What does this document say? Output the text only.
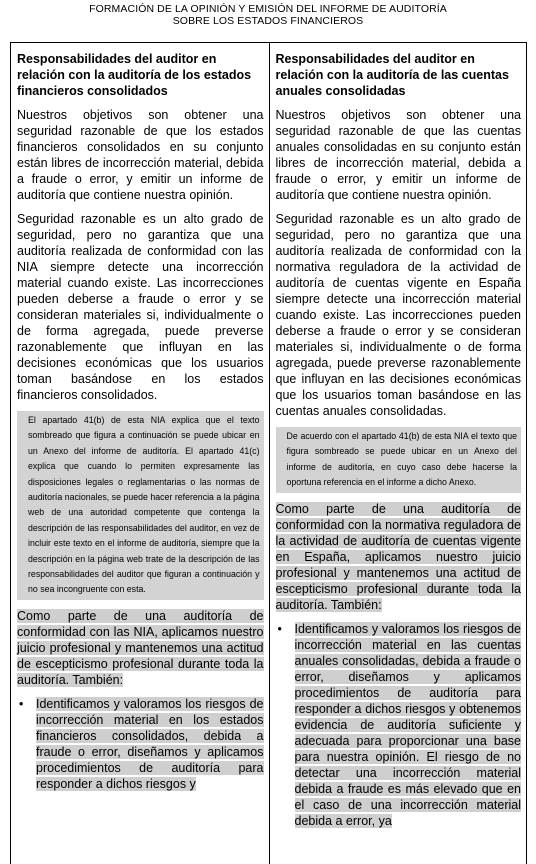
FORMACIÓN DE LA OPINIÓN Y EMISIÓN DEL INFORME DE AUDITORÍA
SOBRE LOS ESTADOS FINANCIEROS

Responsabilidades del auditor en relación con la auditoría de los estados financieros consolidados

Nuestros objetivos son obtener una seguridad razonable de que los estados financieros consolidados en su conjunto están libres de incorrección material, debida a fraude o error, y emitir un informe de auditoría que contiene nuestra opinión.

Seguridad razonable es un alto grado de seguridad, pero no garantiza que una auditoría realizada de conformidad con las NIA siempre detecte una incorrección material cuando existe. Las incorrecciones pueden deberse a fraude o error y se consideran materiales si, individualmente o de forma agregada, puede preverse razonablemente que influyan en las decisiones económicas que los usuarios toman basándose en los estados financieros consolidados.

El apartado 41(b) de esta NIA explica que el texto sombreado que figura a continuación se puede ubicar en un Anexo del informe de auditoría. El apartado 41(c) explica que cuando lo permiten expresamente las disposiciones legales o reglamentarias o las normas de auditoría nacionales, se puede hacer referencia a la página web de una autoridad competente que contenga la descripción de las responsabilidades del auditor, en vez de incluir este texto en el informe de auditoría, siempre que la descripción en la página web trate de la descripción de las responsabilidades del auditor que figuran a continuación y no sea incongruente con esta.

Como parte de una auditoría de conformidad con las NIA, aplicamos nuestro juicio profesional y mantenemos una actitud de escepticismo profesional durante toda la auditoría. También:

• Identificamos y valoramos los riesgos de incorrección material en los estados financieros consolidados, debida a fraude o error, diseñamos y aplicamos procedimientos de auditoría para responder a dichos riesgos y

Responsabilidades del auditor en relación con la auditoría de las cuentas anuales consolidadas

Nuestros objetivos son obtener una seguridad razonable de que las cuentas anuales consolidadas en su conjunto están libres de incorrección material, debida a fraude o error, y emitir un informe de auditoría que contiene nuestra opinión.

Seguridad razonable es un alto grado de seguridad, pero no garantiza que una auditoría realizada de conformidad con la normativa reguladora de la actividad de auditoría de cuentas vigente en España siempre detecte una incorrección material cuando existe. Las incorrecciones pueden deberse a fraude o error y se consideran materiales si, individualmente o de forma agregada, puede preverse razonablemente que influyan en las decisiones económicas que los usuarios toman basándose en las cuentas anuales consolidadas.

De acuerdo con el apartado 41(b) de esta NIA el texto que figura sombreado se puede ubicar en un Anexo del informe de auditoría, en cuyo caso debe hacerse la oportuna referencia en el informe a dicho Anexo.

Como parte de una auditoría de conformidad con la normativa reguladora de la actividad de auditoría de cuentas vigente en España, aplicamos nuestro juicio profesional y mantenemos una actitud de escepticismo profesional durante toda la auditoría. También:

• Identificamos y valoramos los riesgos de incorrección material en las cuentas anuales consolidadas, debida a fraude o error, diseñamos y aplicamos procedimientos de auditoría para responder a dichos riesgos y obtenemos evidencia de auditoría suficiente y adecuada para proporcionar una base para nuestra opinión. El riesgo de no detectar una incorrección material debida a fraude es más elevado que en el caso de una incorrección material debida a error, ya
